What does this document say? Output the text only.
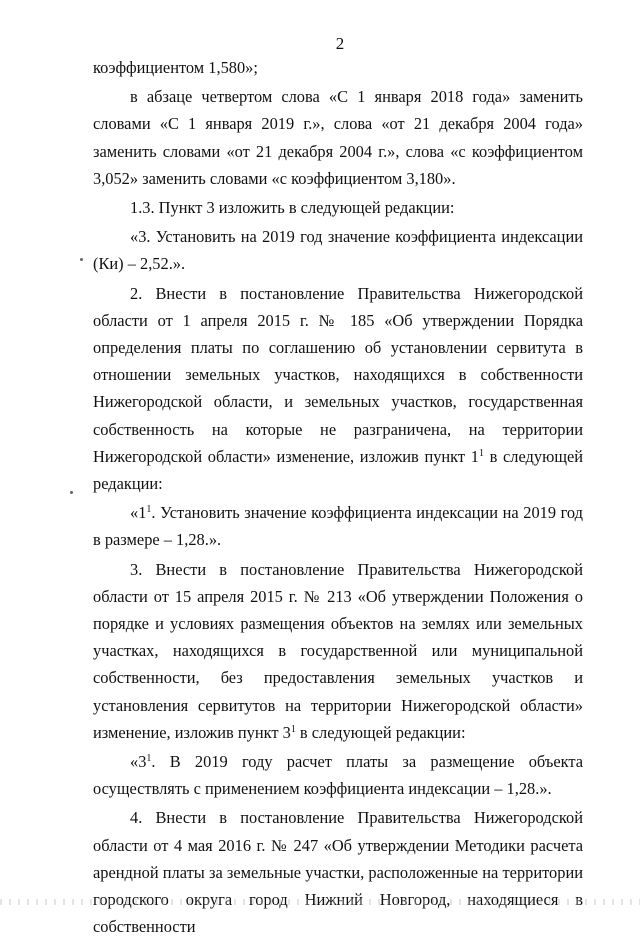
2

коэффициентом 1,580»;

в абзаце четвертом слова «С 1 января 2018 года» заменить словами «С 1 января 2019 г.», слова «от 21 декабря 2004 года» заменить словами «от 21 декабря 2004 г.», слова «с коэффициентом 3,052» заменить словами «с коэффициентом 3,180».

1.3. Пункт 3 изложить в следующей редакции:

«3. Установить на 2019 год значение коэффициента индексации (Ки) – 2,52.».

2. Внести в постановление Правительства Нижегородской области от 1 апреля 2015 г. № 185 «Об утверждении Порядка определения платы по соглашению об установлении сервитута в отношении земельных участков, находящихся в собственности Нижегородской области, и земельных участков, государственная собственность на которые не разграничена, на территории Нижегородской области» изменение, изложив пункт $1^1$ в следующей редакции:

«$1^1$. Установить значение коэффициента индексации на 2019 год в размере – 1,28.».

3. Внести в постановление Правительства Нижегородской области от 15 апреля 2015 г. № 213 «Об утверждении Положения о порядке и условиях размещения объектов на землях или земельных участках, находящихся в государственной или муниципальной собственности, без предоставления земельных участков и установления сервитутов на территории Нижегородской области» изменение, изложив пункт $3^1$ в следующей редакции:

«$3^1$. В 2019 году расчет платы за размещение объекта осуществлять с применением коэффициента индексации – 1,28.».

4. Внести в постановление Правительства Нижегородской области от 4 мая 2016 г. № 247 «Об утверждении Методики расчета арендной платы за земельные участки, расположенные на территории городского округа город Нижний Новгород, находящиеся в собственности
